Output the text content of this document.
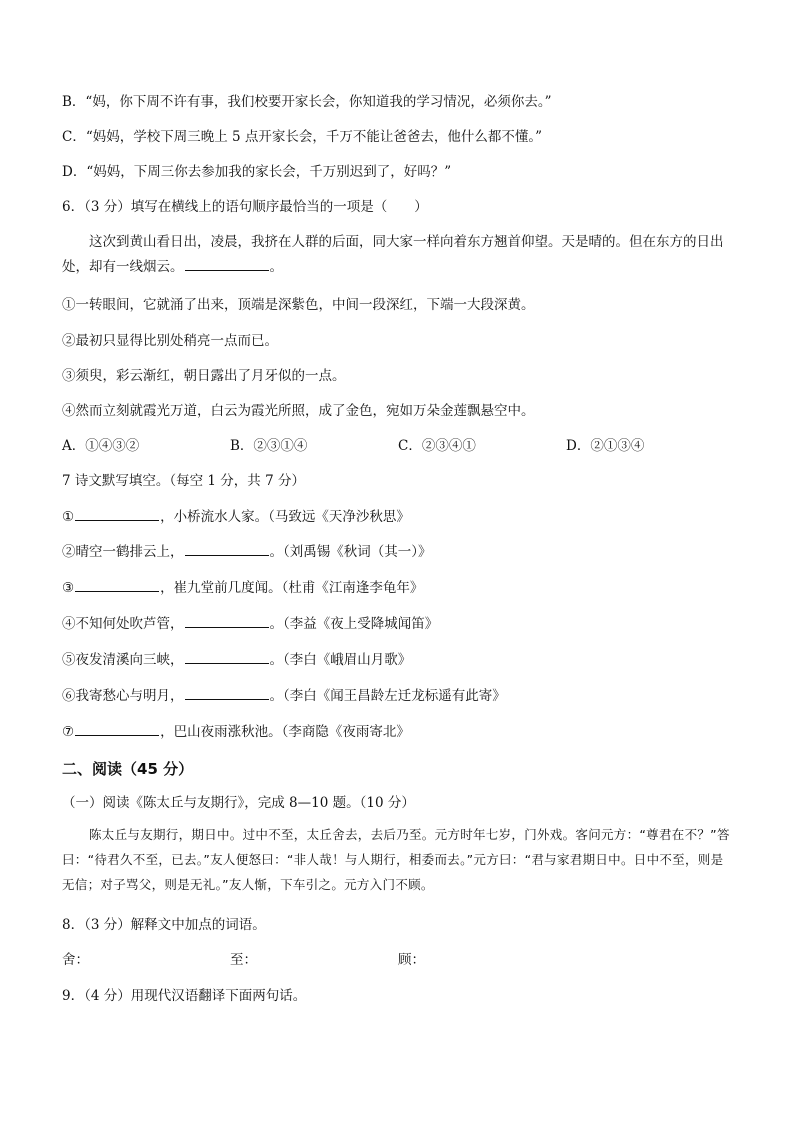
B．“妈，你下周不许有事，我们校要开家长会，你知道我的学习情况，必须你去。”
C．“妈妈，学校下周三晚上 5 点开家长会，千万不能让爸爸去，他什么都不懂。”
D．“妈妈，下周三你去参加我的家长会，千万别迟到了，好吗？”
6．（3 分）填写在横线上的语句顺序最恰当的一项是（　　）
这次到黄山看日出，凌晨，我挤在人群的后面，同大家一样向着东方翘首仰望。天是晴的。但在东方的日出处，却有一线烟云。	。
①一转眼间，它就涌了出来，顶端是深紫色，中间一段深红，下端一大段深黄。
②最初只显得比别处稍亮一点而已。
③须臾，彩云渐红，朝日露出了月牙似的一点。
④然而立刻就霞光万道，白云为霞光所照，成了金色，宛如万朵金莲飘悬空中。
A．①④③②	B．②③①④	C．②③④①	D．②①③④
7 诗文默写填空。（每空 1 分，共 7 分）
①	，小桥流水人家。（马致远《天净沙秋思》
②晴空一鹤排云上，	。（刘禹锡《秋词（其一）》
③	，崔九堂前几度闻。（杜甫《江南逢李龟年》
④不知何处吹芦管，	。（李益《夜上受降城闻笛》
⑤夜发清溪向三峡，	。（李白《峨眉山月歌》
⑥我寄愁心与明月，	。（李白《闻王昌龄左迁龙标遥有此寄》
⑦	，巴山夜雨涨秋池。（李商隐《夜雨寄北》
二、阅读（45 分）
（一）阅读《陈太丘与友期行》，完成 8—10 题。（10 分）
陈太丘与友期行，期日中。过中不至，太丘舍去，去后乃至。元方时年七岁，门外戏。客问元方：“尊君在不？”答曰：“待君久不至，已去。”友人便怒曰：“非人哉！与人期行，相委而去。”元方曰：“君与家君期日中。日中不至，则是无信；对子骂父，则是无礼。”友人惭，下车引之。元方入门不顾。
8．（3 分）解释文中加点的词语。
舍：	至：	顾：
9．（4 分）用现代汉语翻译下面两句话。
